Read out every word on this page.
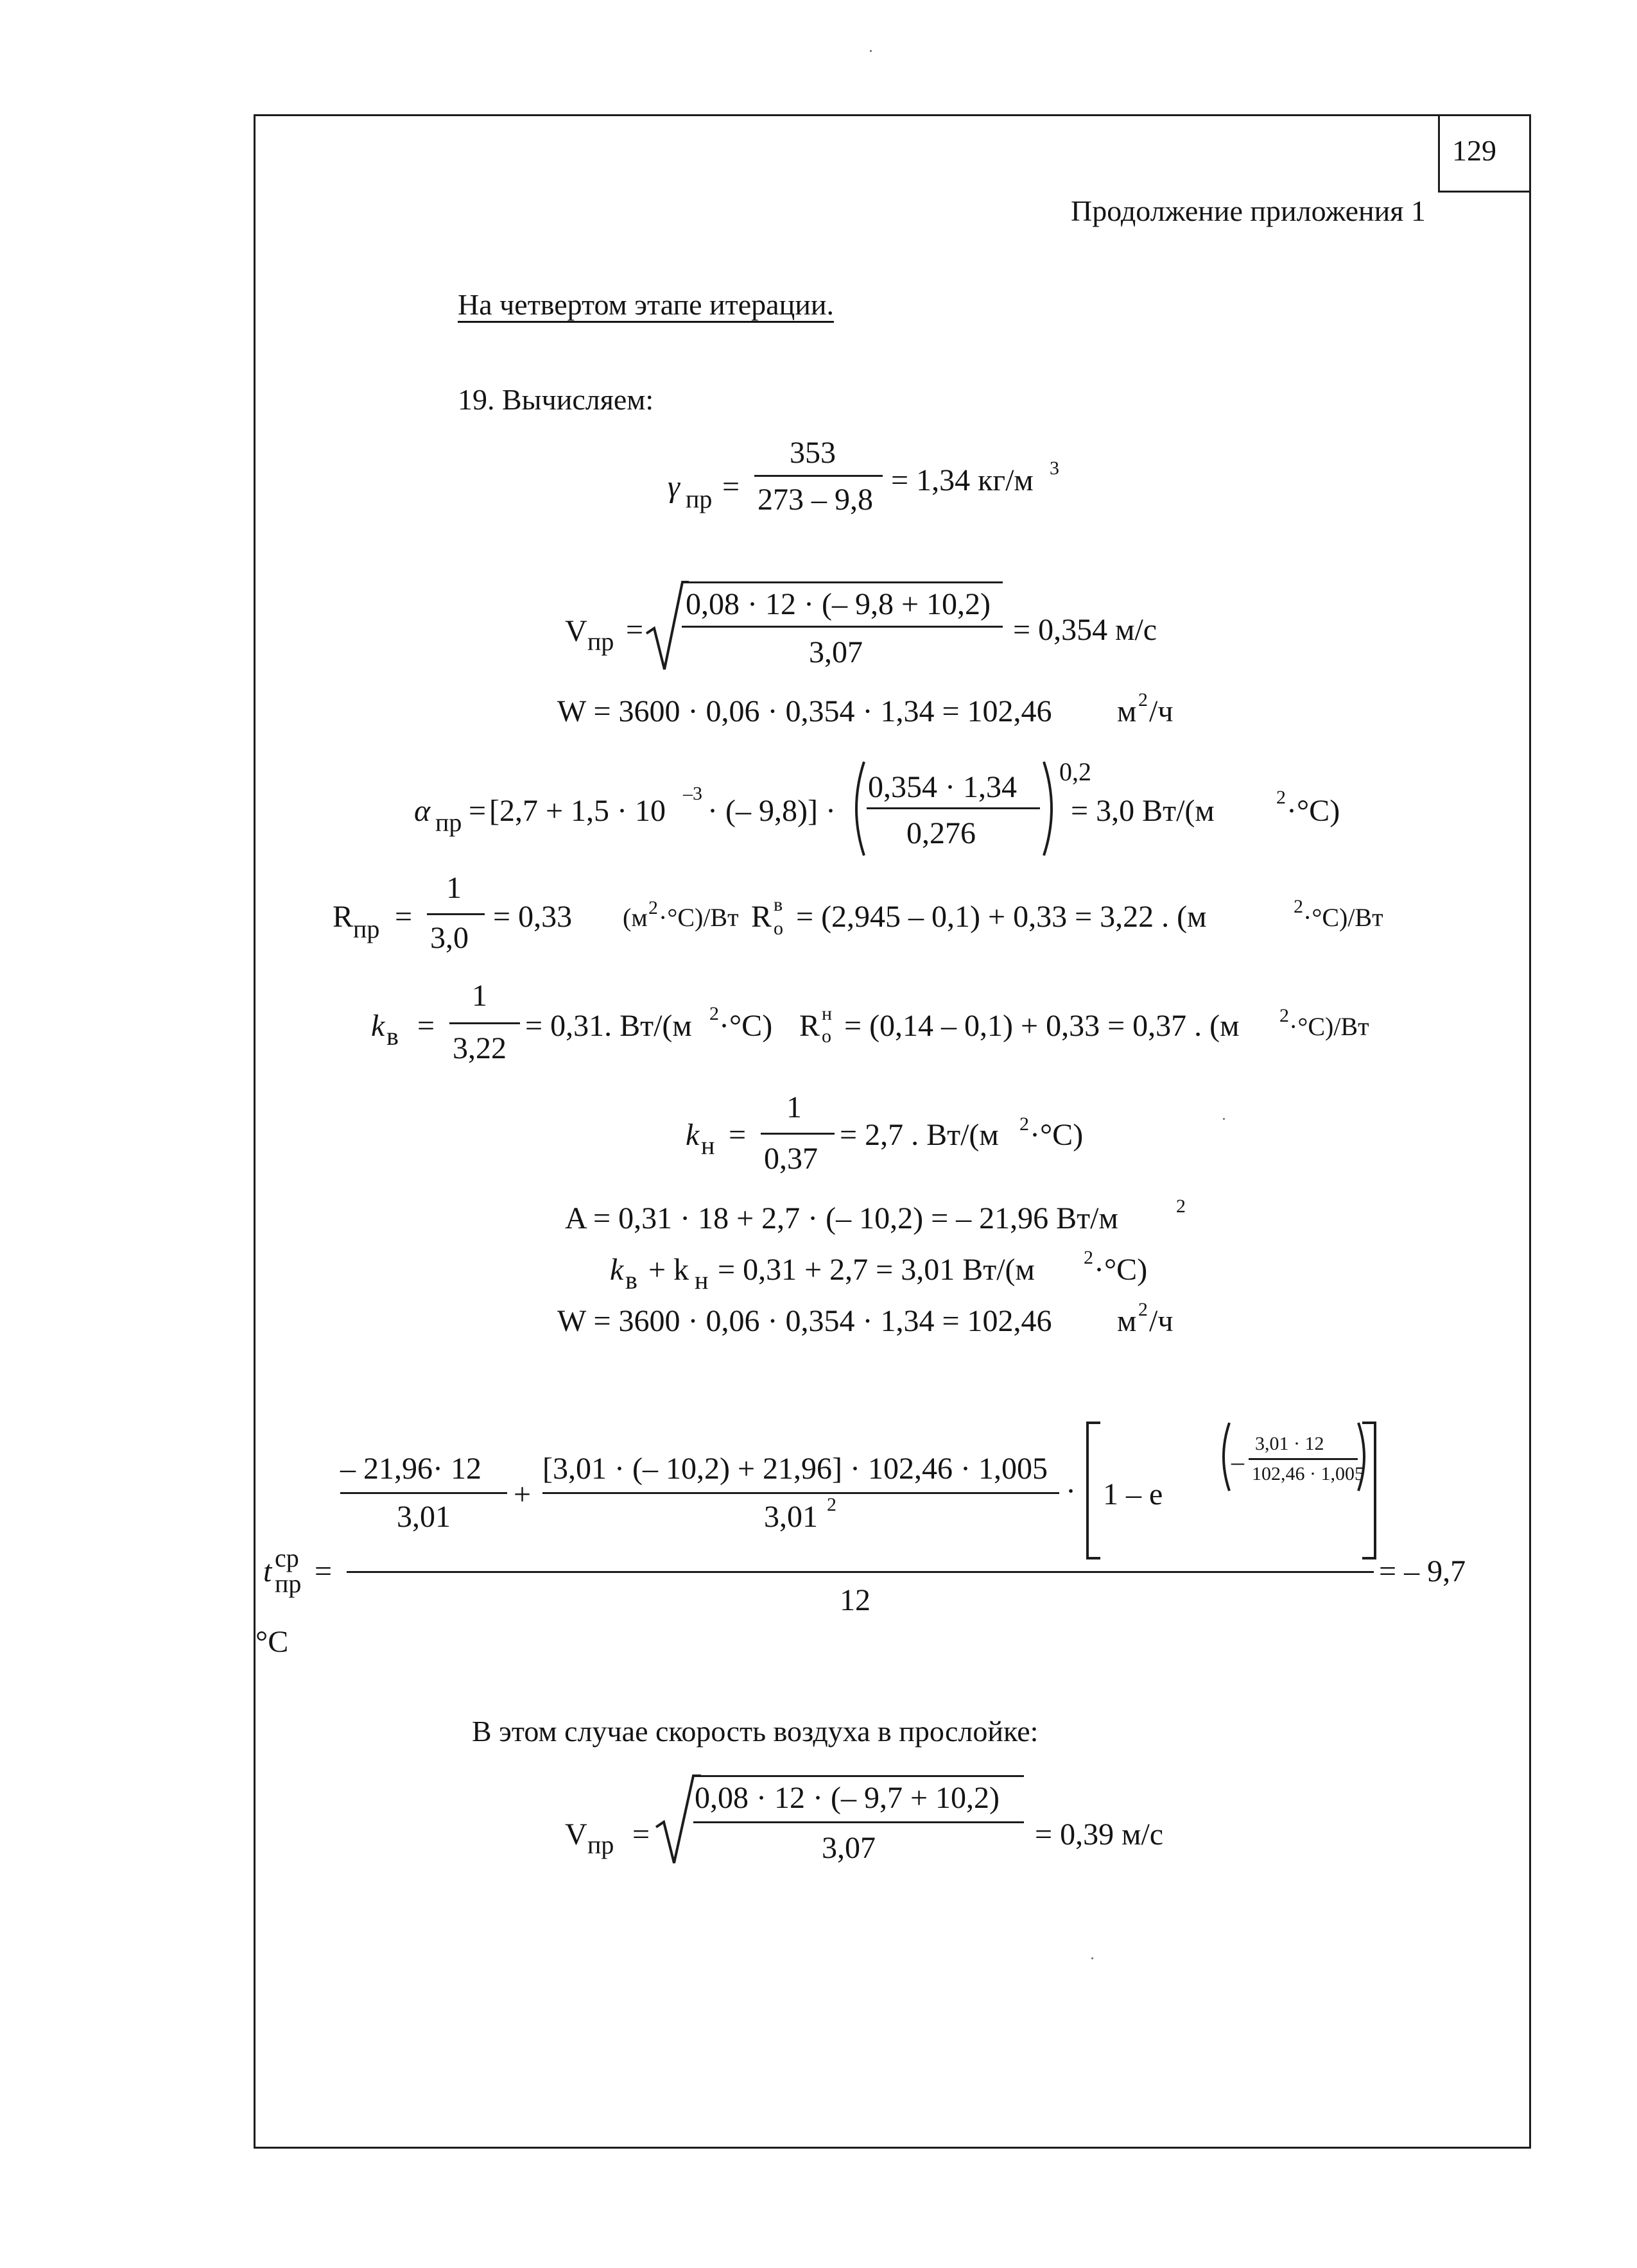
129
Продолжение приложения 1
На четвертом этапе итерации.
19. Вычисляем:
γ пр =
353
273 – 9,8
= 1,34 кг/м 3
V пр =
0,08 · 12 · (– 9,8 + 10,2)
3,07
= 0,354 м/с
W = 3600 · 0,06 · 0,354 · 1,34 = 102,46 м 2 /ч
α пр = [2,7 + 1,5 · 10
–3
· (– 9,8)] ·
0,354 · 1,34
0,276
0,2
= 3,0 Вт/(м	2 ·°С)
R пр =
1
3,0
= 0,33 (м 2 ·°С)/Вт R в
о = (2,945 – 0,1) + 0,33 = 3,22 . (м	2 ·°С)/Вт
k в =
1
3,22
= 0,31. Вт/(м 2 ·°С) R н
о = (0,14 – 0,1) + 0,33 = 0,37 . (м 2 ·°С)/Вт
k н =
1
0,37
= 2,7 . Вт/(м 2 ·°С)
A = 0,31 · 18 + 2,7 · (– 10,2) = – 21,96 Вт/м	2
k в + k н = 0,31 + 2,7 = 3,01 Вт/(м	2 ·°С)
W = 3600 · 0,06 · 0,354 · 1,34 = 102,46 м 2 /ч
– 21,96· 12
3,01
+
[3,01 · (– 10,2) + 21,96] · 102,46 · 1,005
3,01 2	· 1 – e
–
3,01 · 12
102,46 · 1,005
t ср
пр =
12
= – 9,7
°С
В этом случае скорость воздуха в прослойке:
V пр =
0,08 · 12 · (– 9,7 + 10,2)
3,07	= 0,39 м/с
